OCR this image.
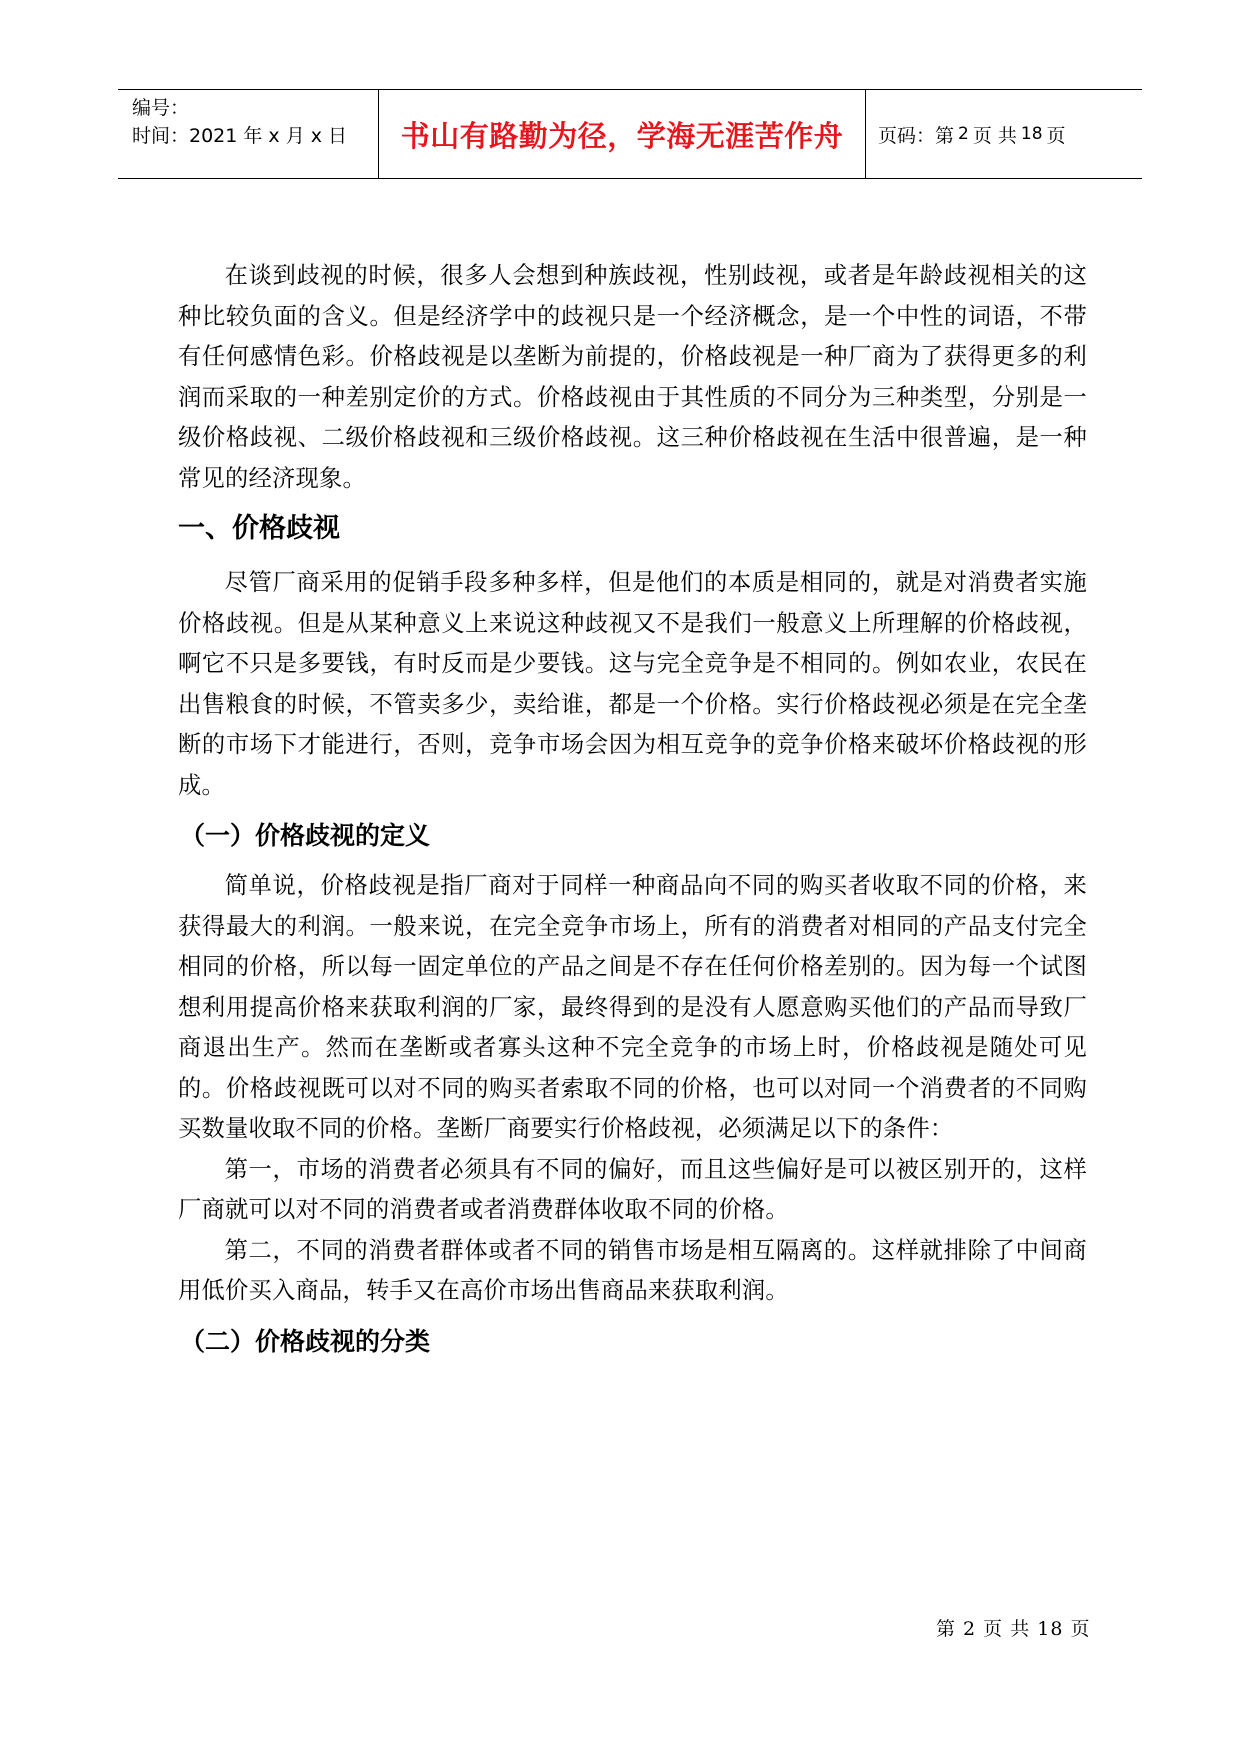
编号：
时间：2021 年 x 月 x 日	书山有路勤为径，学海无涯苦作舟 页码：第 2 页 共 18 页

在谈到歧视的时候，很多人会想到种族歧视，性别歧视，或者是年龄歧视相关的这种比较负面的含义。但是经济学中的歧视只是一个经济概念，是一个中性的词语，不带有任何感情色彩。价格歧视是以垄断为前提的，价格歧视是一种厂商为了获得更多的利润而采取的一种差别定价的方式。价格歧视由于其性质的不同分为三种类型，分别是一级价格歧视、二级价格歧视和三级价格歧视。这三种价格歧视在生活中很普遍，是一种常见的经济现象。

一、价格歧视

尽管厂商采用的促销手段多种多样，但是他们的本质是相同的，就是对消费者实施价格歧视。但是从某种意义上来说这种歧视又不是我们一般意义上所理解的价格歧视，啊它不只是多要钱，有时反而是少要钱。这与完全竞争是不相同的。例如农业，农民在出售粮食的时候，不管卖多少，卖给谁，都是一个价格。实行价格歧视必须是在完全垄断的市场下才能进行，否则，竞争市场会因为相互竞争的竞争价格来破坏价格歧视的形成。

（一）价格歧视的定义

简单说，价格歧视是指厂商对于同样一种商品向不同的购买者收取不同的价格，来获得最大的利润。一般来说，在完全竞争市场上，所有的消费者对相同的产品支付完全相同的价格，所以每一固定单位的产品之间是不存在任何价格差别的。因为每一个试图想利用提高价格来获取利润的厂家，最终得到的是没有人愿意购买他们的产品而导致厂商退出生产。然而在垄断或者寡头这种不完全竞争的市场上时，价格歧视是随处可见的。价格歧视既可以对不同的购买者索取不同的价格，也可以对同一个消费者的不同购买数量收取不同的价格。垄断厂商要实行价格歧视，必须满足以下的条件：

第一，市场的消费者必须具有不同的偏好，而且这些偏好是可以被区别开的，这样厂商就可以对不同的消费者或者消费群体收取不同的价格。

第二，不同的消费者群体或者不同的销售市场是相互隔离的。这样就排除了中间商用低价买入商品，转手又在高价市场出售商品来获取利润。

（二）价格歧视的分类
第 2 页 共 18 页
